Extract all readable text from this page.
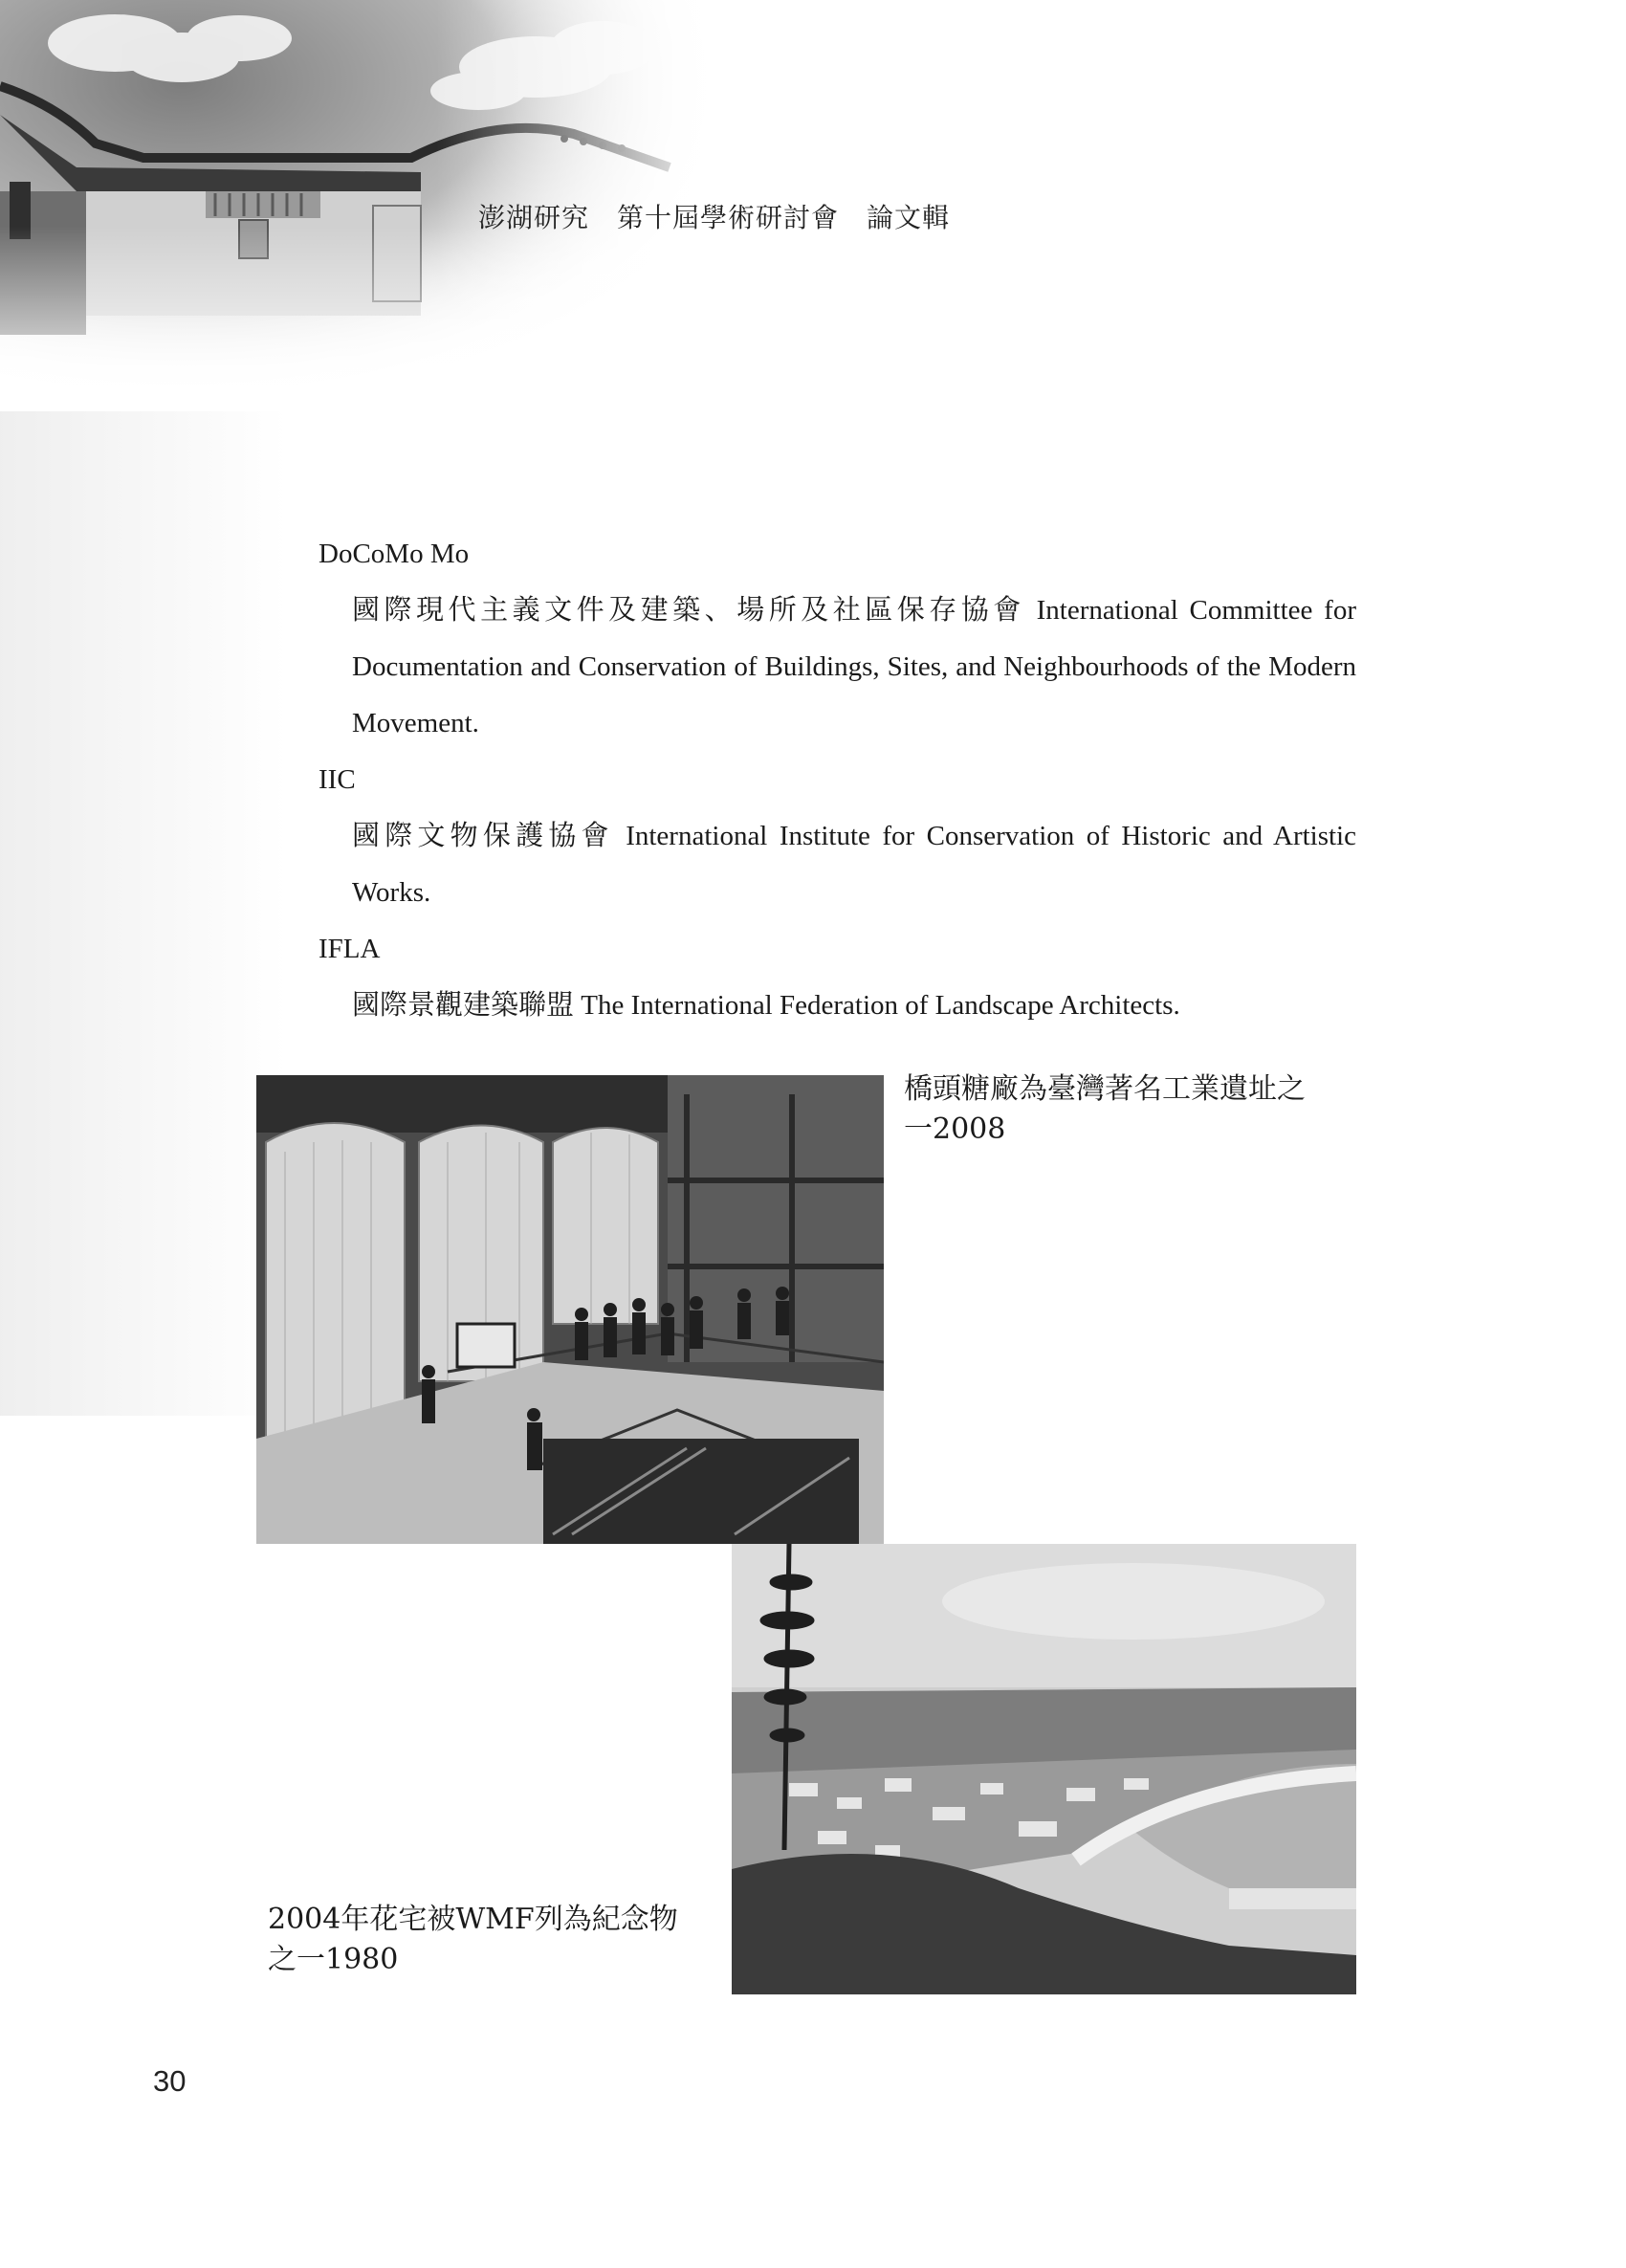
澎湖研究　第十屆學術研討會　論文輯

DoCoMo Mo

國際現代主義文件及建築、場所及社區保存協會 International Committee for Documentation and Conservation of Buildings, Sites, and Neighbourhoods of the Modern Movement.

IIC

國際文物保護協會 International Institute for Conservation of Historic and Artistic Works.

IFLA

國際景觀建築聯盟 The International Federation of Landscape Architects.

橋頭糖廠為臺灣著名工業遺址之
一2008

2004年花宅被WMF列為紀念物
之一1980

30
